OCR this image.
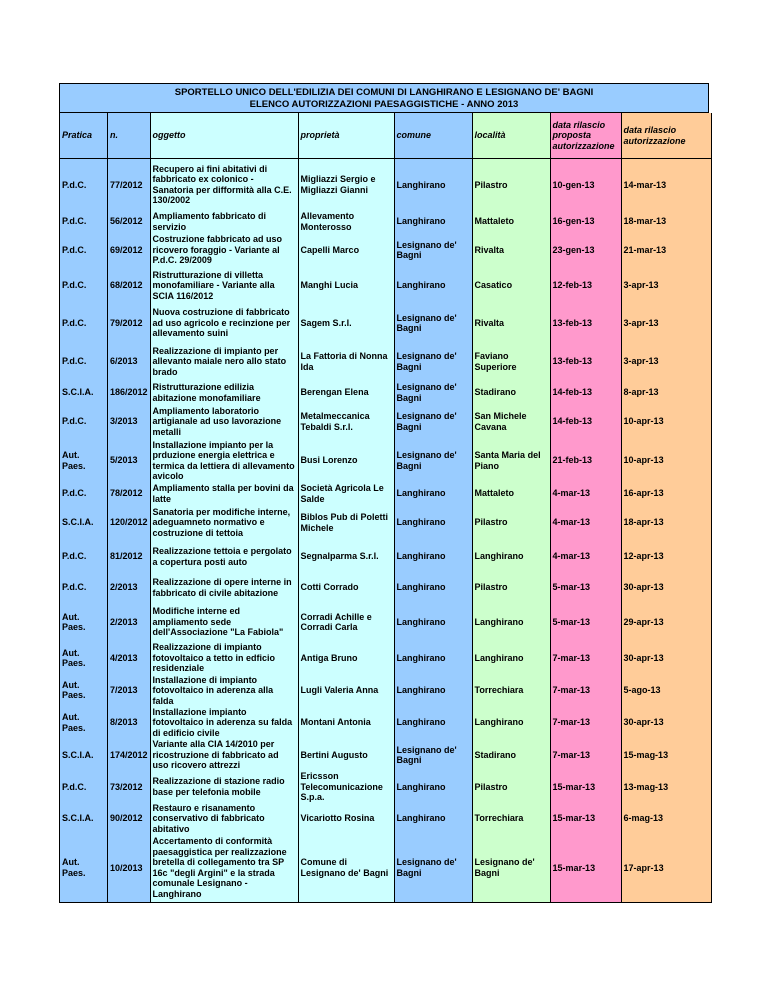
SPORTELLO UNICO DELL'EDILIZIA DEI COMUNI DI LANGHIRANO E LESIGNANO DE' BAGNI
ELENCO AUTORIZZAZIONI PAESAGGISTICHE - ANNO 2013
Pratica	n.	oggetto	proprietà	comune	località	data rilascio proposta autorizzazione	data rilascio autorizzazione
P.d.C.	77/2012	Recupero ai fini abitativi di fabbricato ex colonico - Sanatoria per difformità alla C.E. 130/2002	Migliazzi Sergio e Migliazzi Gianni	Langhirano	Pilastro	10-gen-13	14-mar-13
P.d.C.	56/2012	Ampliamento fabbricato di servizio	Allevamento Monterosso	Langhirano	Mattaleto	16-gen-13	18-mar-13
P.d.C.	69/2012	Costruzione fabbricato ad uso ricovero foraggio - Variante al P.d.C. 29/2009	Capelli Marco	Lesignano de' Bagni	Rivalta	23-gen-13	21-mar-13
P.d.C.	68/2012	Ristrutturazione di villetta monofamiliare - Variante alla SCIA 116/2012	Manghi Lucia	Langhirano	Casatico	12-feb-13	3-apr-13
P.d.C.	79/2012	Nuova costruzione di fabbricato ad uso agricolo e recinzione per allevamento suini	Sagem S.r.l.	Lesignano de' Bagni	Rivalta	13-feb-13	3-apr-13
P.d.C.	6/2013	Realizzazione di impianto per allevanto maiale nero allo stato brado	La Fattoria di Nonna Ida	Lesignano de' Bagni	Faviano Superiore	13-feb-13	3-apr-13
S.C.I.A.	186/2012	Ristrutturazione edilizia abitazione monofamiliare	Berengan Elena	Lesignano de' Bagni	Stadirano	14-feb-13	8-apr-13
P.d.C.	3/2013	Ampliamento laboratorio artigianale ad uso lavorazione metalli	Metalmeccanica Tebaldi S.r.l.	Lesignano de' Bagni	San Michele Cavana	14-feb-13	10-apr-13
Aut. Paes.	5/2013	Installazione impianto per la prduzione energia elettrica e termica da lettiera di allevamento avicolo	Busi Lorenzo	Lesignano de' Bagni	Santa Maria del Piano	21-feb-13	10-apr-13
P.d.C.	78/2012	Ampliamento stalla per bovini da latte	Società Agricola Le Salde	Langhirano	Mattaleto	4-mar-13	16-apr-13
S.C.I.A.	120/2012	Sanatoria per modifiche interne, adeguamneto normativo e costruzione di tettoia	Biblos Pub di Poletti Michele	Langhirano	Pilastro	4-mar-13	18-apr-13
P.d.C.	81/2012	Realizzazione tettoia e pergolato a copertura posti auto	Segnalparma S.r.l.	Langhirano	Langhirano	4-mar-13	12-apr-13
P.d.C.	2/2013	Realizzazione di opere interne in fabbricato di civile abitazione	Cotti Corrado	Langhirano	Pilastro	5-mar-13	30-apr-13
Aut. Paes.	2/2013	Modifiche interne ed ampliamento sede dell'Associazione "La Fabiola"	Corradi Achille e Corradi Carla	Langhirano	Langhirano	5-mar-13	29-apr-13
Aut. Paes.	4/2013	Realizzazione di impianto fotovoltaico a tetto in edficio residenziale	Antiga Bruno	Langhirano	Langhirano	7-mar-13	30-apr-13
Aut. Paes.	7/2013	Installazione di impianto fotovoltaico in aderenza alla falda	Lugli Valeria Anna	Langhirano	Torrechiara	7-mar-13	5-ago-13
Aut. Paes.	8/2013	Installazione impianto fotovoltaico in aderenza su falda di edificio civile	Montani Antonia	Langhirano	Langhirano	7-mar-13	30-apr-13
S.C.I.A.	174/2012	Variante alla CIA 14/2010 per ricostruzione di fabbricato ad uso ricovero attrezzi	Bertini Augusto	Lesignano de' Bagni	Stadirano	7-mar-13	15-mag-13
P.d.C.	73/2012	Realizzazione di stazione radio base per telefonia mobile	Ericsson Telecomunicazione S.p.a.	Langhirano	Pilastro	15-mar-13	13-mag-13
S.C.I.A.	90/2012	Restauro e risanamento conservativo di fabbricato abitativo	Vicariotto Rosina	Langhirano	Torrechiara	15-mar-13	6-mag-13
Aut. Paes.	10/2013	Accertamento di conformità paesaggistica per realizzazione bretella di collegamento tra SP 16c "degli Argini" e la strada comunale Lesignano - Langhirano	Comune di Lesignano de' Bagni	Lesignano de' Bagni	Lesignano de' Bagni	15-mar-13	17-apr-13
